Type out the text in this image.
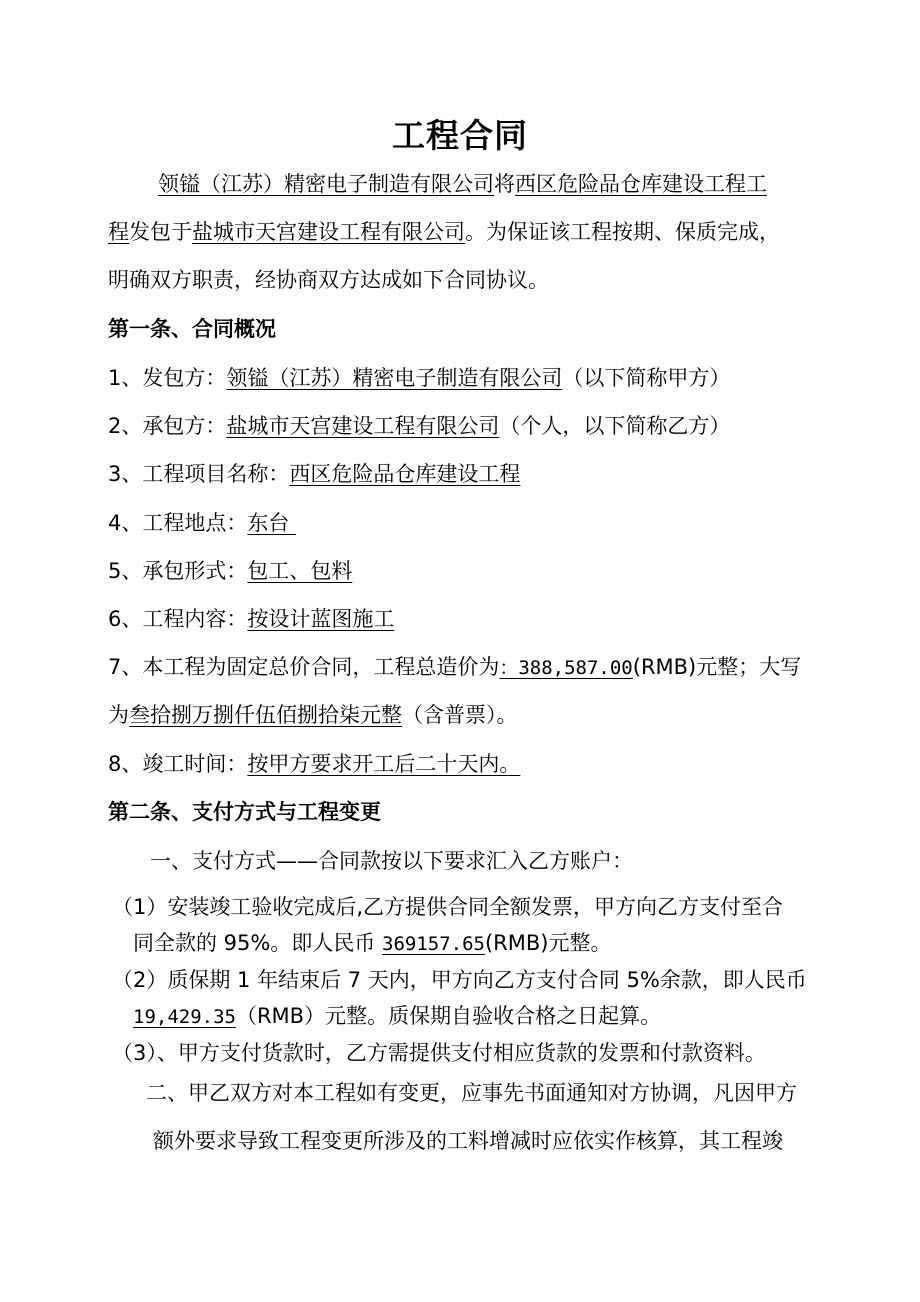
工程合同
领镒（江苏）精密电子制造有限公司将西区危险品仓库建设工程工
程发包于盐城市天宫建设工程有限公司。为保证该工程按期、保质完成，
明确双方职责，经协商双方达成如下合同协议。
第一条、合同概况
1、发包方：领镒（江苏）精密电子制造有限公司（以下简称甲方）
2、承包方：盐城市天宫建设工程有限公司（个人，以下简称乙方）
3、工程项目名称：西区危险品仓库建设工程
4、工程地点：东台
5、承包形式：包工、包料
6、工程内容：按设计蓝图施工
7、本工程为固定总价合同，工程总造价为：388,587.00(RMB)元整；大写
为叁拾捌万捌仟伍佰捌拾柒元整（含普票）。
8、竣工时间：按甲方要求开工后二十天内。
第二条、支付方式与工程变更
一、支付方式——合同款按以下要求汇入乙方账户：
（1）安装竣工验收完成后,乙方提供合同全额发票，甲方向乙方支付至合
同全款的 95%。即人民币 369157.65(RMB)元整。
（2）质保期 1 年结束后 7 天内，甲方向乙方支付合同 5%余款，即人民币
19,429.35（RMB）元整。质保期自验收合格之日起算。
（3）、甲方支付货款时，乙方需提供支付相应货款的发票和付款资料。
二、甲乙双方对本工程如有变更，应事先书面通知对方协调，凡因甲方
额外要求导致工程变更所涉及的工料增减时应依实作核算，其工程竣
